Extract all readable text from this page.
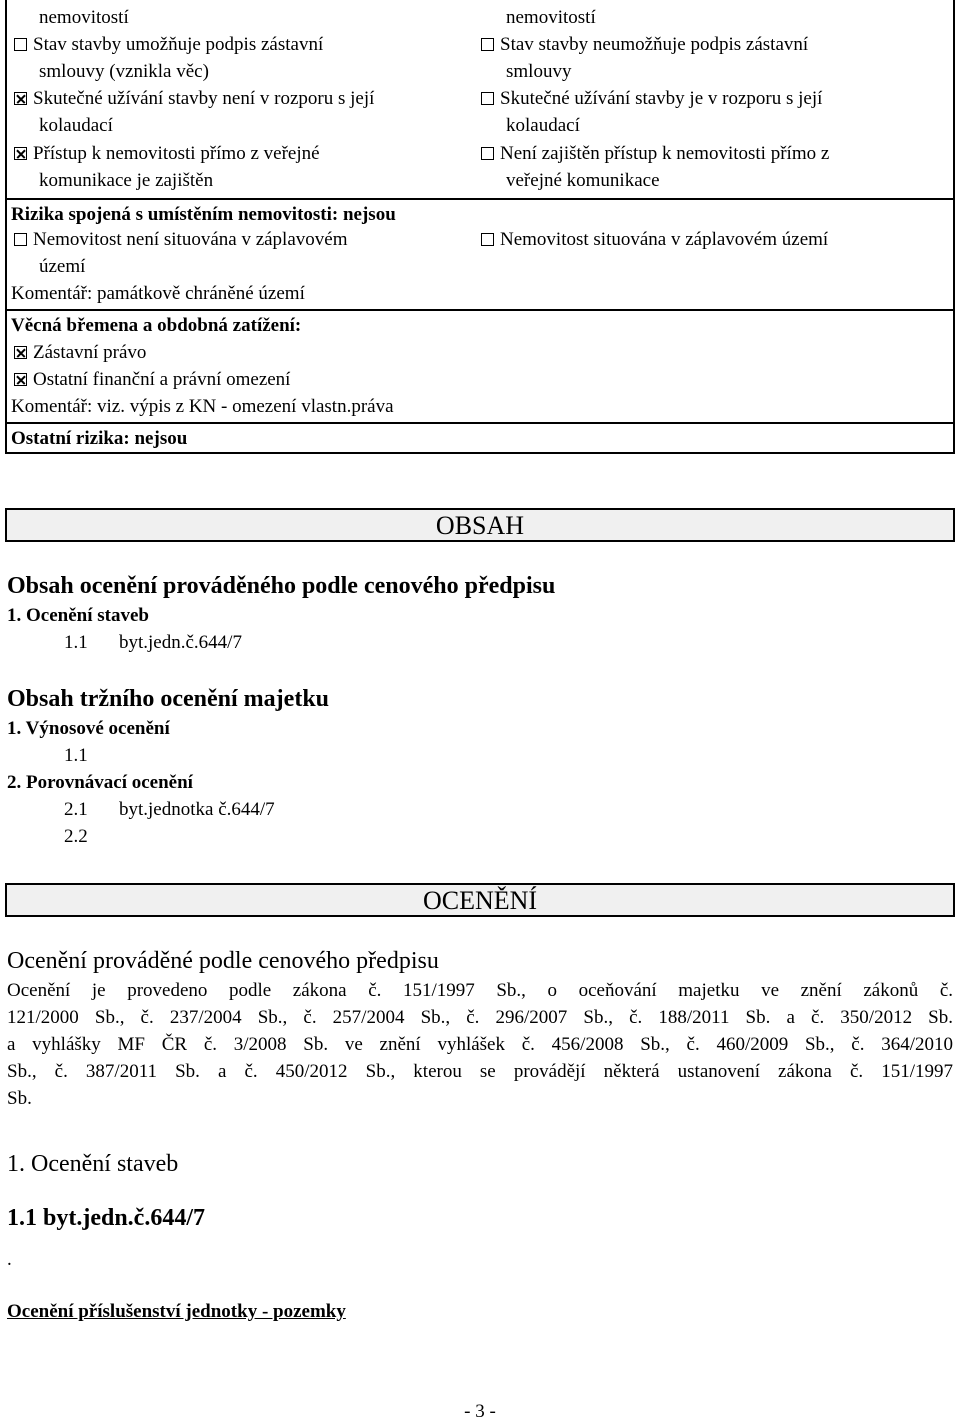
nemovitostí
Stav stavby umožňuje podpis zástavní
smlouvy (vznikla věc)
Skutečné užívání stavby není v rozporu s její
kolaudací
Přístup k nemovitosti přímo z veřejné
komunikace je zajištěn
nemovitostí
Stav stavby neumožňuje podpis zástavní
smlouvy
Skutečné užívání stavby je v rozporu s její
kolaudací
Není zajištěn přístup k nemovitosti přímo z
veřejné komunikace
Rizika spojená s umístěním nemovitosti: nejsou
Nemovitost není situována v záplavovém
území
Nemovitost situována v záplavovém území
Komentář: památkově chráněné území
Věcná břemena a obdobná zatížení:
Zástavní právo
Ostatní finanční a právní omezení
Komentář: viz. výpis z KN - omezení vlastn.práva
Ostatní rizika: nejsou
OBSAH
Obsah ocenění prováděného podle cenového předpisu
1. Ocenění staveb
1.1 byt.jedn.č.644/7
Obsah tržního ocenění majetku
1. Výnosové ocenění
1.1
2. Porovnávací ocenění
2.1 byt.jednotka č.644/7
2.2
OCENĚNÍ
Ocenění prováděné podle cenového předpisu
Ocenění je provedeno podle zákona č. 151/1997 Sb., o oceňování majetku ve znění zákonů č.
121/2000 Sb., č. 237/2004 Sb., č. 257/2004 Sb., č. 296/2007 Sb., č. 188/2011 Sb. a č. 350/2012 Sb.
a vyhlášky MF ČR č. 3/2008 Sb. ve znění vyhlášek č. 456/2008 Sb., č. 460/2009 Sb., č. 364/2010
Sb., č. 387/2011 Sb. a č. 450/2012 Sb., kterou se provádějí některá ustanovení zákona č. 151/1997
Sb.
1. Ocenění staveb
1.1 byt.jedn.č.644/7
.
Ocenění příslušenství jednotky - pozemky
- 3 -
